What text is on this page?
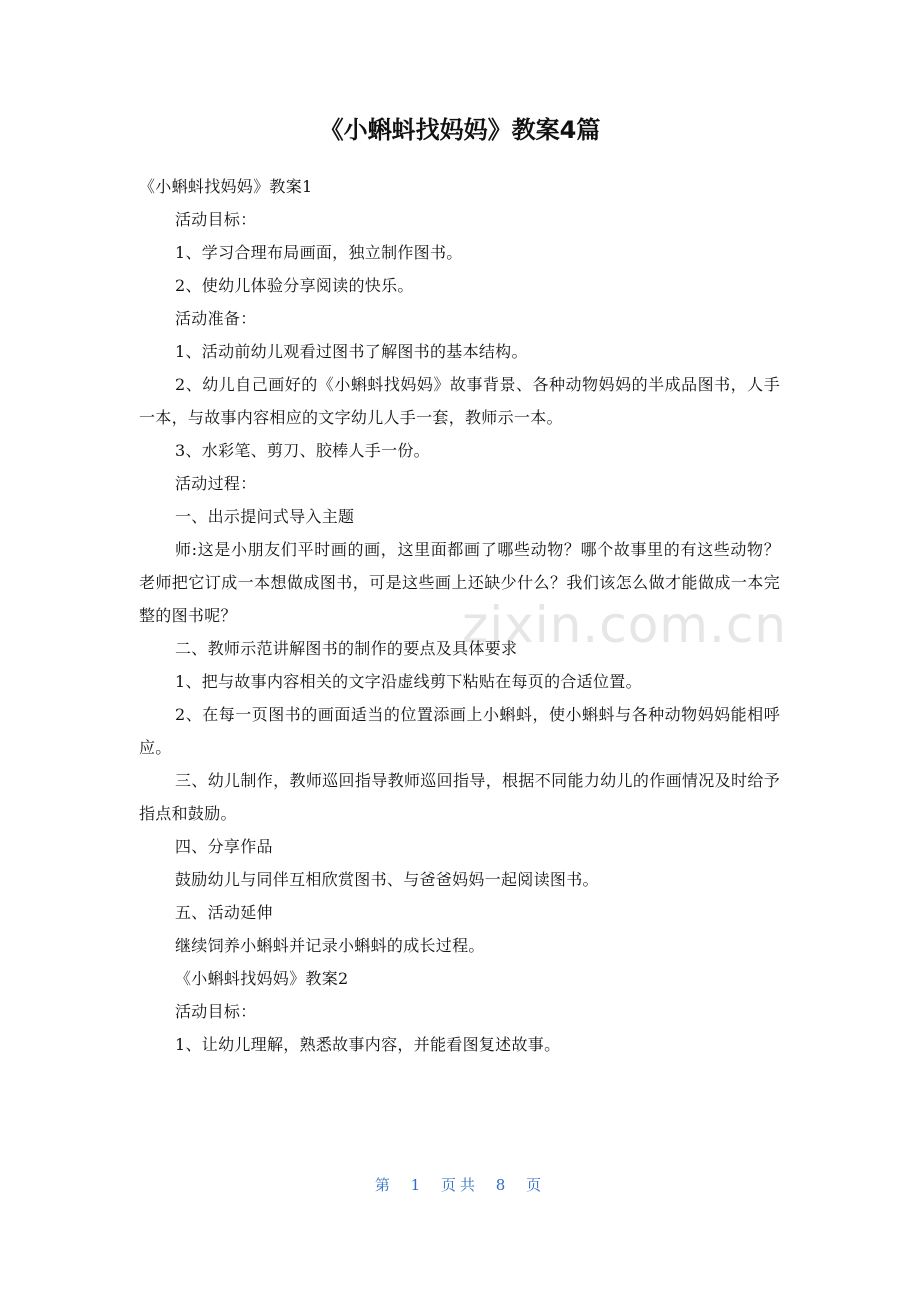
《小蝌蚪找妈妈》教案4篇
zixin.com.cn

《小蝌蚪找妈妈》教案1

活动目标：

1、学习合理布局画面，独立制作图书。

2、使幼儿体验分享阅读的快乐。

活动准备：

1、活动前幼儿观看过图书了解图书的基本结构。

2、幼儿自己画好的《小蝌蚪找妈妈》故事背景、各种动物妈妈的半成品图书，人手一本，与故事内容相应的文字幼儿人手一套，教师示一本。

3、水彩笔、剪刀、胶棒人手一份。

活动过程：

一、出示提问式导入主题

师:这是小朋友们平时画的画，这里面都画了哪些动物？哪个故事里的有这些动物？老师把它订成一本想做成图书，可是这些画上还缺少什么？我们该怎么做才能做成一本完整的图书呢？

二、教师示范讲解图书的制作的要点及具体要求

1、把与故事内容相关的文字沿虚线剪下粘贴在每页的合适位置。

2、在每一页图书的画面适当的位置添画上小蝌蚪，使小蝌蚪与各种动物妈妈能相呼应。

三、幼儿制作，教师巡回指导教师巡回指导，根据不同能力幼儿的作画情况及时给予指点和鼓励。

四、分享作品

鼓励幼儿与同伴互相欣赏图书、与爸爸妈妈一起阅读图书。

五、活动延伸

继续饲养小蝌蚪并记录小蝌蚪的成长过程。

《小蝌蚪找妈妈》教案2

活动目标：

1、让幼儿理解，熟悉故事内容，并能看图复述故事。

第 1 页共 8 页
